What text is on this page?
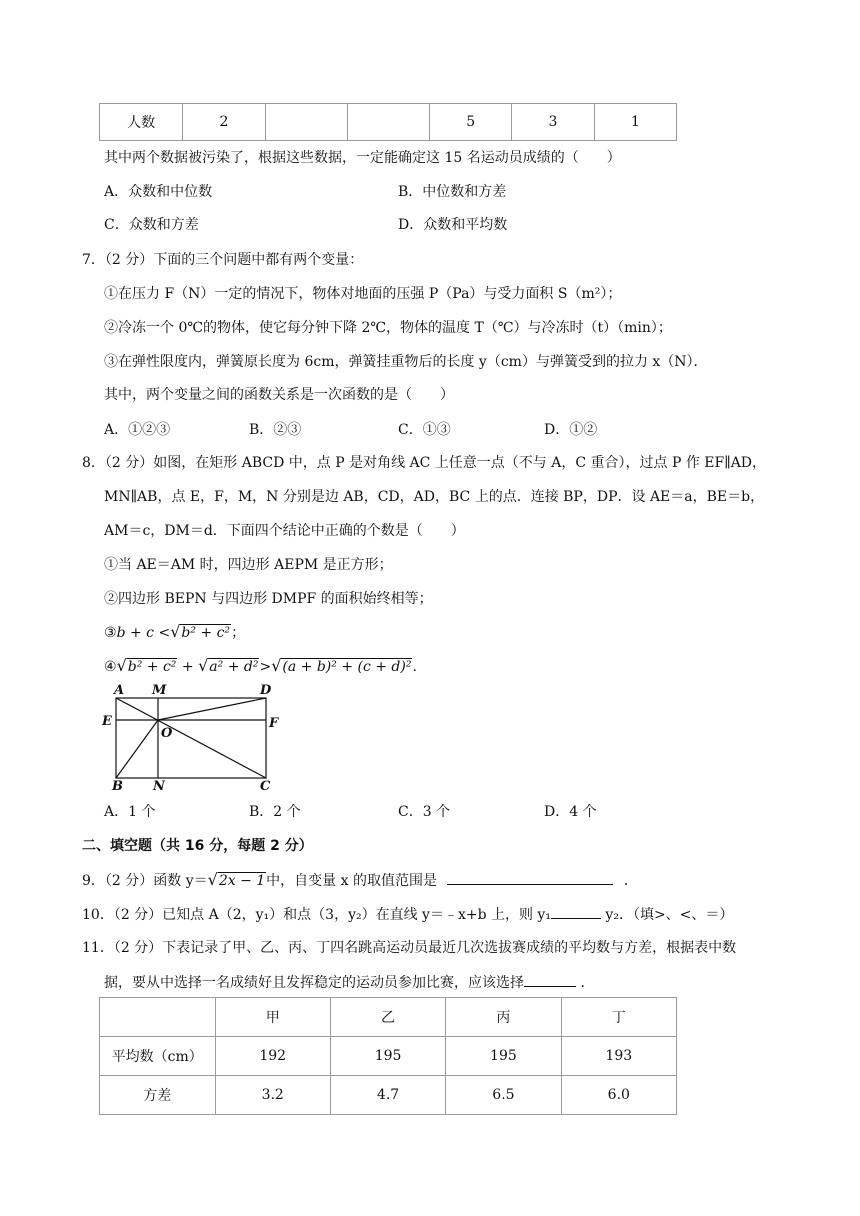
人数	2			5	3	1
其中两个数据被污染了，根据这些数据，一定能确定这 15 名运动员成绩的（　　）
A．众数和中位数	B．中位数和方差
C．众数和方差	D．众数和平均数
7．（2 分）下面的三个问题中都有两个变量：
①在压力 F（N）一定的情况下，物体对地面的压强 P（Pa）与受力面积 S（m²）；
②冷冻一个 0℃的物体，使它每分钟下降 2℃，物体的温度 T（℃）与冷冻时（t）（min）；
③在弹性限度内，弹簧原长度为 6cm，弹簧挂重物后的长度 y（cm）与弹簧受到的拉力 x（N）．
其中，两个变量之间的函数关系是一次函数的是（　　）
A．①②③	B．②③	C．①③	D．①②
8．（2 分）如图，在矩形 ABCD 中，点 P 是对角线 AC 上任意一点（不与 A，C 重合），过点 P 作 EF∥AD，
MN∥AB，点 E，F，M，N 分别是边 AB，CD，AD，BC 上的点．连接 BP，DP．设 AE＝a，BE＝b，
AM＝c，DM＝d．下面四个结论中正确的个数是（　　）
①当 AE＝AM 时，四边形 AEPM 是正方形；
②四边形 BEPN 与四边形 DMPF 的面积始终相等；
③b + c <√b² + c²；
④√b² + c² + √a² + d²>√(a + b)² + (c + d)².
A M	D
E	F
O
B N	C
A．1 个	B．2 个	C．3 个	D．4 个
二、填空题（共 16 分，每题 2 分）
9．（2 分）函数 y＝√2x − 1中，自变量 x 的取值范围是	．
10．（2 分）已知点 A（2，y₁）和点（3，y₂）在直线 y＝﹣x+b 上，则 y₁	y₂．（填>、<、＝）
11．（2 分）下表记录了甲、乙、丙、丁四名跳高运动员最近几次选拔赛成绩的平均数与方差，根据表中数
据，要从中选择一名成绩好且发挥稳定的运动员参加比赛，应该选择	．
	甲	乙	丙	丁
平均数（cm）	192	195	195	193
方差	3.2	4.7	6.5	6.0
